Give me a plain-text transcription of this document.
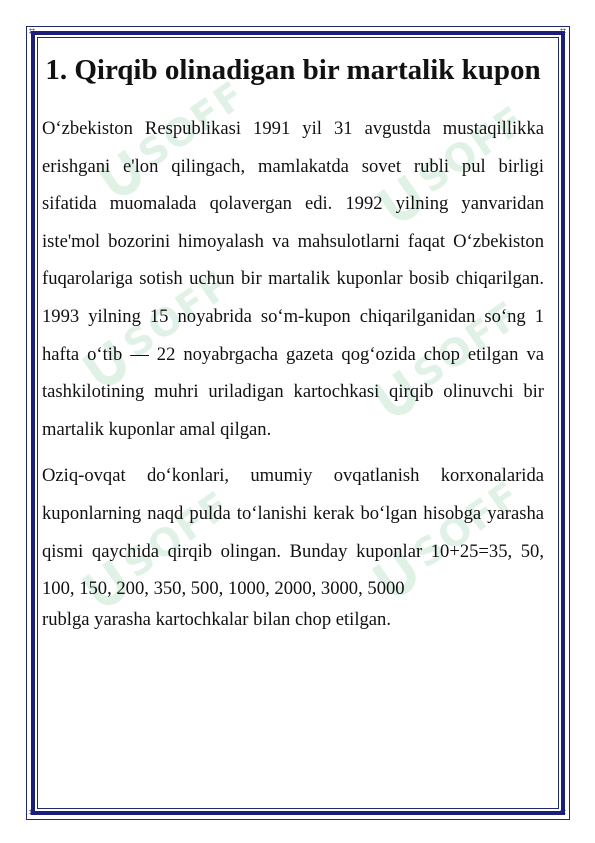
⌗	⌗
⌗	⌗
SOFF	SOFF
SOFF	SOFF
SOFF	SOFF
1. Qirqib olinadigan bir martalik kupon

O‘zbekiston Respublikasi 1991 yil 31 avgustda mustaqillikka erishgani e'lon qilingach, mamlakatda sovet rubli pul birligi sifatida muomalada qolavergan edi. 1992 yilning yanvaridan iste'mol bozorini himoyalash va mahsulotlarni faqat O‘zbekiston fuqarolariga sotish uchun bir martalik kuponlar bosib chiqarilgan. 1993 yilning 15 noyabrida so‘m-kupon chiqarilganidan so‘ng 1 hafta o‘tib — 22 noyabrgacha gazeta qog‘ozida chop etilgan va tashkilotining muhri uriladigan kartochkasi qirqib olinuvchi bir martalik kuponlar amal qilgan.

Oziq-ovqat do‘konlari, umumiy ovqatlanish korxonalarida kuponlarning naqd pulda to‘lanishi kerak bo‘lgan hisobga yarasha qismi qaychida qirqib olingan. Bunday kuponlar 10+25=35, 50, 100, 150, 200, 350, 500, 1000, 2000, 3000, 5000

rublga yarasha kartochkalar bilan chop etilgan.
